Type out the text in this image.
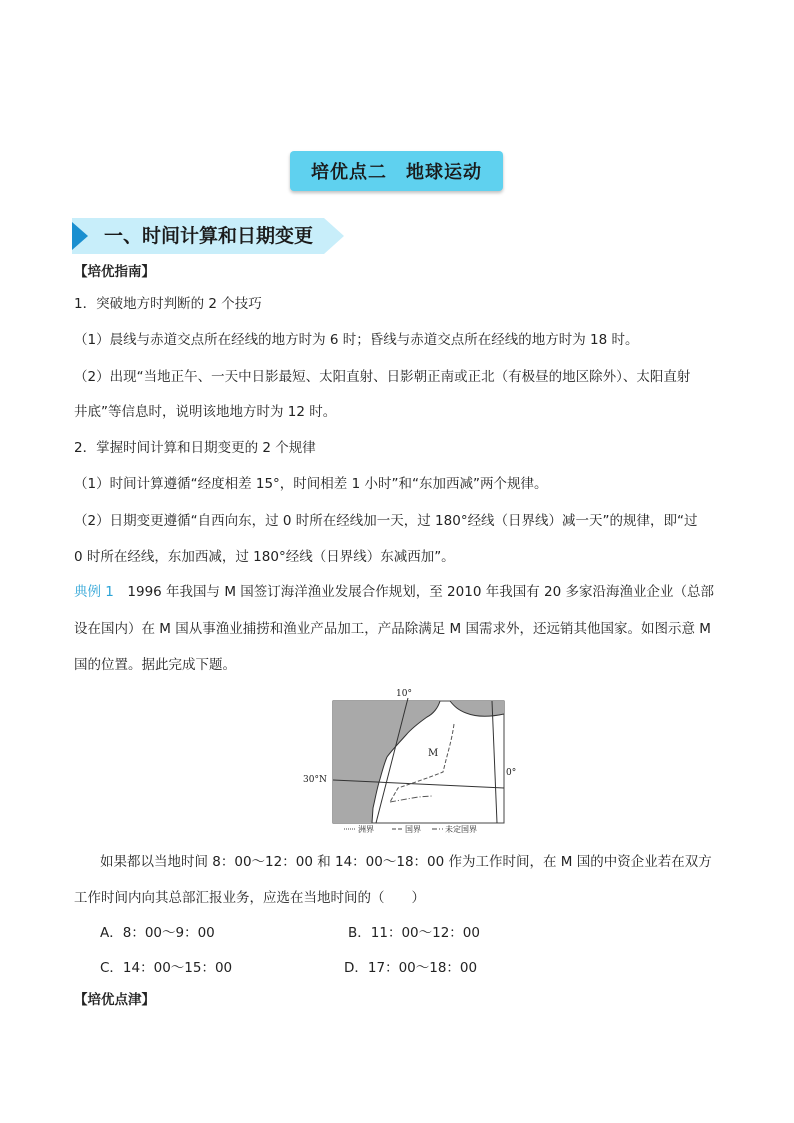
培优点二　地球运动
一、时间计算和日期变更
【培优指南】
1．突破地方时判断的 2 个技巧
（1）晨线与赤道交点所在经线的地方时为 6 时；昏线与赤道交点所在经线的地方时为 18 时。
（2）出现“当地正午、一天中日影最短、太阳直射、日影朝正南或正北（有极昼的地区除外）、太阳直射
井底”等信息时，说明该地地方时为 12 时。
2．掌握时间计算和日期变更的 2 个规律
（1）时间计算遵循“经度相差 15°，时间相差 1 小时”和“东加西减”两个规律。
（2）日期变更遵循“自西向东，过 0 时所在经线加一天，过 180°经线（日界线）减一天”的规律，即“过
0 时所在经线，东加西减，过 180°经线（日界线）东减西加”。
典例 1　1996 年我国与 M 国签订海洋渔业发展合作规划，至 2010 年我国有 20 多家沿海渔业企业（总部
设在国内）在 M 国从事渔业捕捞和渔业产品加工，产品除满足 M 国需求外，还远销其他国家。如图示意 M
国的位置。据此完成下题。
10°
30°N
0°
M
洲界	国界	未定国界
如果都以当地时间 8：00～12：00 和 14：00～18：00 作为工作时间，在 M 国的中资企业若在双方
工作时间内向其总部汇报业务，应选在当地时间的（　　）
A．8：00～9：00	B．11：00～12：00
C．14：00～15：00	D．17：00～18：00
【培优点津】
